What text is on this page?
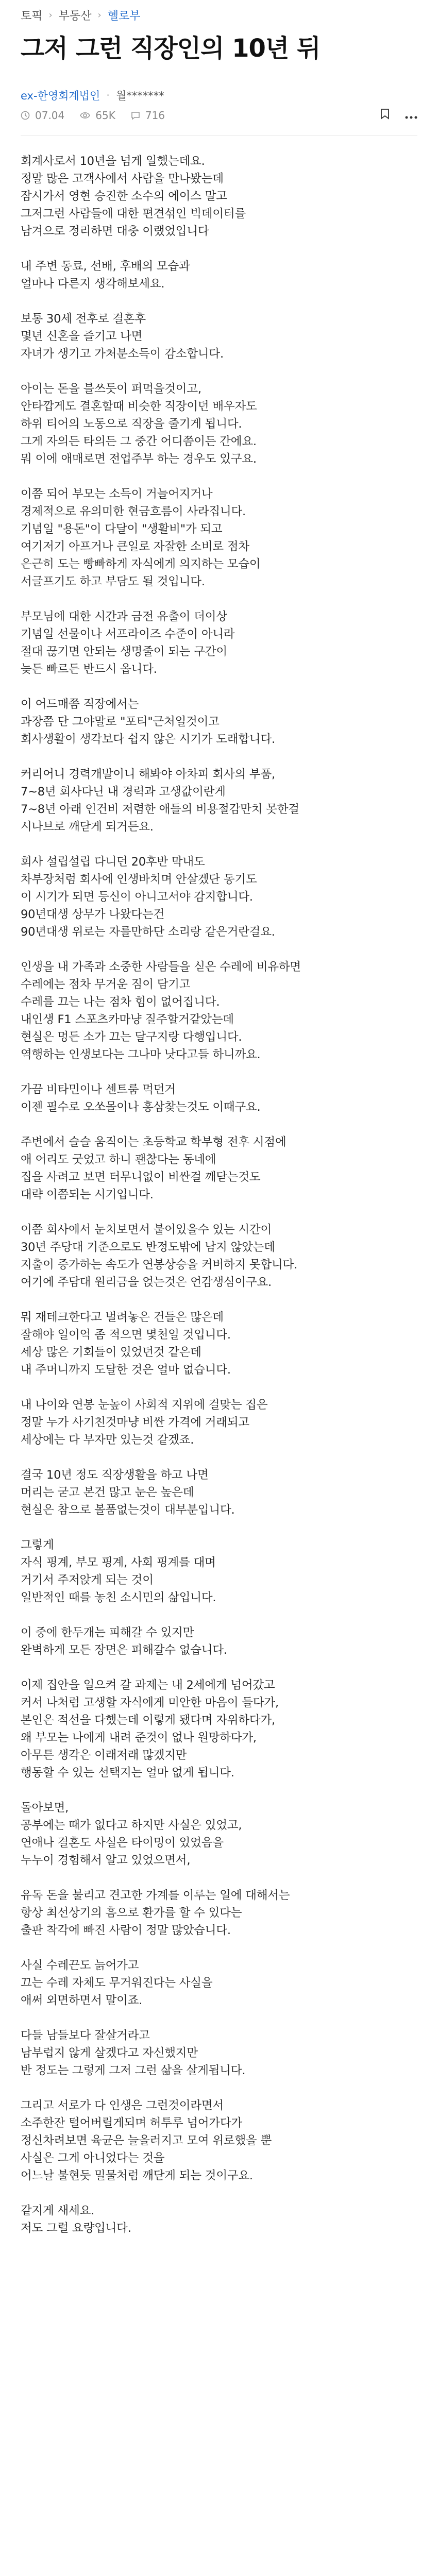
토픽 › 부동산 › 헬로부
그저 그런 직장인의 10년 뒤
ex-한영회계법인 · 월*******
07.04	65K	716

회계사로서 10년을 넘게 일했는데요.
정말 많은 고객사에서 사람을 만나봤는데
잠시가서 영현 승진한 소수의 에이스 말고
그저그런 사람들에 대한 편견섞인 빅데이터를
남겨으로 정리하면 대충 이랬었입니다

내 주변 동료, 선배, 후배의 모습과
얼마나 다른지 생각해보세요.

보통 30세 전후로 결혼후
몇년 신혼을 즐기고 나면
자녀가 생기고 가처분소득이 감소합니다.

아이는 돈을 블쓰듯이 퍼먹을것이고,
안타깝게도 결혼할때 비슷한 직장이던 배우자도
하위 티어의 노동으로 직장을 줄기게 됩니다.
그게 자의든 타의든 그 중간 어디쯤이든 간에요.
뭐 이에 애매로면 전업주부 하는 경우도 있구요.

이쯤 되어 부모는 소득이 거늘어지거나
경제적으로 유의미한 현금흐름이 사라집니다.
기념일 "용돈"이 다달이 "생활비"가 되고
여기저기 아프거나 큰일로 자잘한 소비로 점차
은근히 도는 빵빠하게 자식에게 의지하는 모습이
서글프기도 하고 부담도 될 것입니다.

부모님에 대한 시간과 금전 유출이 더이상
기념일 선물이나 서프라이즈 수준이 아니라
절대 끊기면 안되는 생명줄이 되는 구간이
늦든 빠르든 반드시 옵니다.

이 어드매쯤 직장에서는
과장쯤 단 그야말로 "포티"근처일것이고
회사생활이 생각보다 쉽지 않은 시기가 도래합니다.

커리어니 경력개발이니 해봐야 아차피 회사의 부품,
7~8년 회사다닌 내 경력과 고생값이란게
7~8년 아래 인건비 저렴한 애들의 비용절감만치 못한걸
시나브로 깨닫게 되거든요.

회사 설립설립 다니던 20후반 막내도
차부장처럼 회사에 인생바치며 안살겠단 동기도
이 시기가 되면 등신이 아니고서야 감지합니다.
90년대생 상무가 나왔다는건
90년대생 위로는 자를만하단 소리랑 같은거란걸요.

인생을 내 가족과 소중한 사람들을 싣은 수레에 비유하면
수레에는 점차 무거운 짐이 담기고
수레를 끄는 나는 점차 힘이 없어집니다.
내인생 F1 스포츠카마냥 질주할거같았는데
현실은 멍든 소가 끄는 달구지랑 다행입니다.
역행하는 인생보다는 그나마 낫다고들 하니까요.

가끔 비타민이나 센트룸 먹던거
이젠 필수로 오쏘몰이나 홍삼찾는것도 이때구요.

주변에서 슬슬 움직이는 초등학교 학부형 전후 시점에
애 어리도 굿었고 하니 괜찮다는 동네에
집을 사려고 보면 터무니없이 비싼걸 깨닫는것도
대략 이쯤되는 시기입니다.

이쯤 회사에서 눈치보면서 붙어있을수 있는 시간이
30년 주당대 기준으로도 반정도밖에 남지 않았는데
지출이 증가하는 속도가 연봉상승을 커버하지 못합니다.
여기에 주담대 원리금을 얹는것은 언감생심이구요.

뭐 재테크한다고 벌려놓은 건들은 많은데
잘해야 일이억 좀 적으면 몇천일 것입니다.
세상 많은 기회들이 있었던것 같은데
내 주머니까지 도달한 것은 얼마 없습니다.

내 나이와 연봉 눈높이 사회적 지위에 걸맞는 집은
정말 누가 사기친것마냥 비싼 가격에 거래되고
세상에는 다 부자만 있는것 같겠죠.

결국 10년 정도 직장생활을 하고 나면
머리는 굳고 본건 많고 눈은 높은데
현실은 참으로 볼품없는것이 대부분입니다.

그렇게
자식 핑계, 부모 핑계, 사회 핑계를 대며
거기서 주저앉게 되는 것이
일반적인 때를 놓친 소시민의 삶입니다.

이 중에 한두개는 피해갈 수 있지만
완벽하게 모든 장면은 피해갈수 없습니다.

이제 집안을 일으켜 갈 과제는 내 2세에게 넘어갔고
커서 나처럼 고생할 자식에게 미안한 마음이 들다가,
본인은 적선을 다했는데 이렇게 됐다며 자위하다가,
왜 부모는 나에게 내려 준것이 없나 원망하다가,
아무튼 생각은 이래저래 많겠지만
행동할 수 있는 선택지는 얼마 없게 됩니다.

돌아보면,
공부에는 때가 없다고 하지만 사실은 있었고,
연애나 결혼도 사실은 타이밍이 있었음을
누누이 경험해서 알고 있었으면서,

유독 돈을 불리고 견고한 가계를 이루는 일에 대해서는
항상 최선상기의 흠으로 환가를 할 수 있다는
출판 착각에 빠진 사람이 정말 많았습니다.

사실 수레끈도 늙어가고
끄는 수레 자체도 무거워진다는 사실을
애써 외면하면서 말이죠.

다들 남들보다 잘살거라고
남부럽지 않게 살겠다고 자신했지만
반 정도는 그렇게 그저 그런 삶을 살게됩니다.

그리고 서로가 다 인생은 그런것이라면서
소주한잔 털어버릴게되며 허투루 넘어가다가
정신차려보면 육균은 늘을러지고 모여 위로했을 뿐
사실은 그게 아니었다는 것을
어느날 불현듯 밀물처럼 깨닫게 되는 것이구요.

같지게 새세요.
저도 그럴 요량입니다.
